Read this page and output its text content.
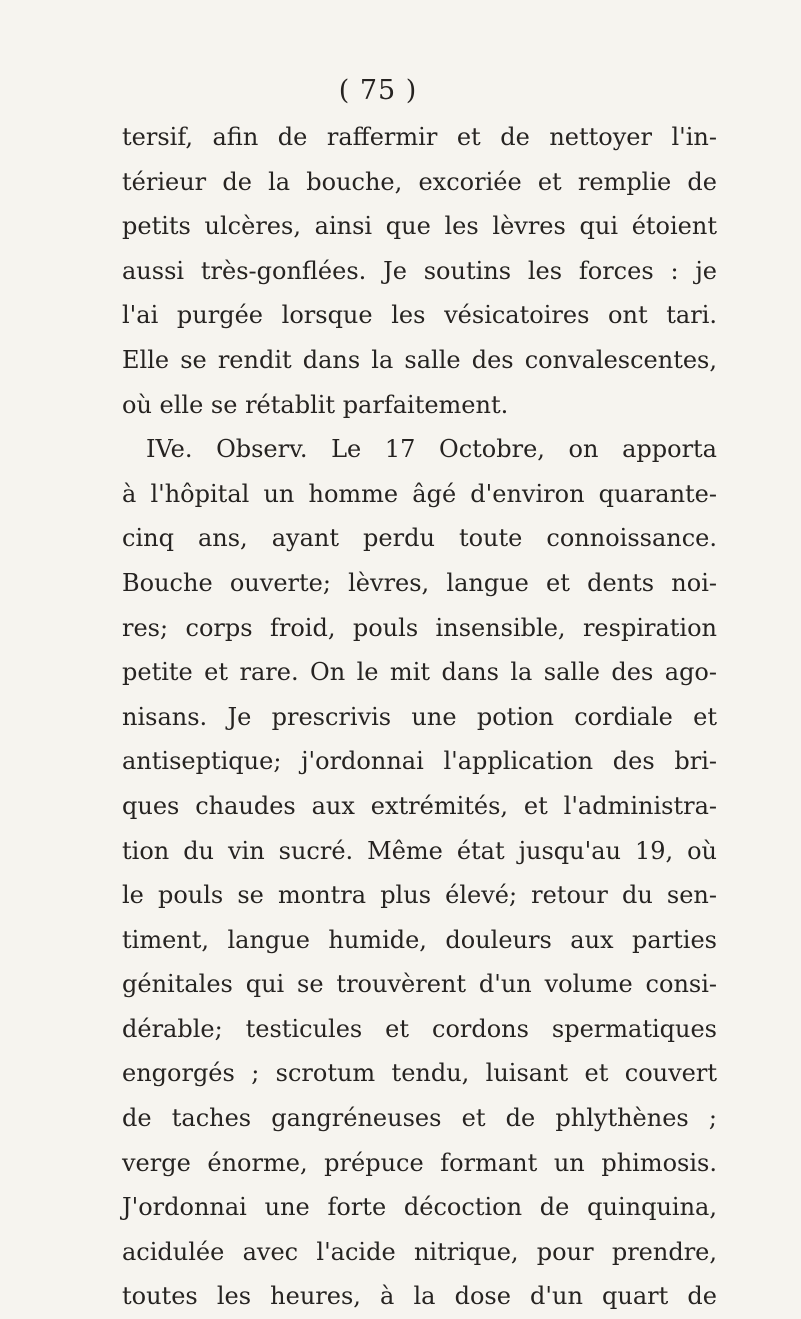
( 75 )
tersif, afin de raffermir et de nettoyer l'in-
térieur de la bouche, excoriée et remplie de
petits ulcères, ainsi que les lèvres qui étoient
aussi très-gonflées. Je soutins les forces : je
l'ai purgée lorsque les vésicatoires ont tari.
Elle se rendit dans la salle des convalescentes,
où elle se rétablit parfaitement.
IVe. Observ. Le 17 Octobre, on apporta
à l'hôpital un homme âgé d'environ quarante-
cinq ans, ayant perdu toute connoissance.
Bouche ouverte; lèvres, langue et dents noi-
res; corps froid, pouls insensible, respiration
petite et rare. On le mit dans la salle des ago-
nisans. Je prescrivis une potion cordiale et
antiseptique; j'ordonnai l'application des bri-
ques chaudes aux extrémités, et l'administra-
tion du vin sucré. Même état jusqu'au 19, où
le pouls se montra plus élevé; retour du sen-
timent, langue humide, douleurs aux parties
génitales qui se trouvèrent d'un volume consi-
dérable; testicules et cordons spermatiques
engorgés ; scrotum tendu, luisant et couvert
de taches gangréneuses et de phlythènes ;
verge énorme, prépuce formant un phimosis.
J'ordonnai une forte décoction de quinquina,
acidulée avec l'acide nitrique, pour prendre,
toutes les heures, à la dose d'un quart de
